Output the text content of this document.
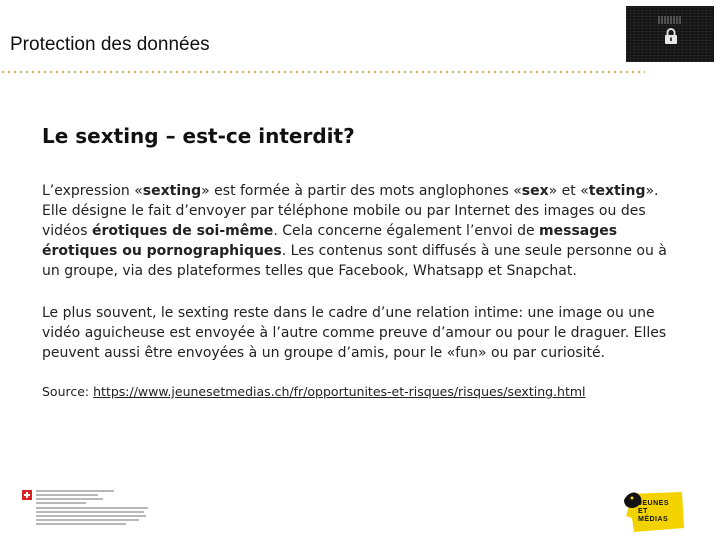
Protection des données
Le sexting – est-ce interdit?
L’expression «sexting» est formée à partir des mots anglophones «sex» et «texting». Elle désigne le fait d’envoyer par téléphone mobile ou par Internet des images ou des vidéos érotiques de soi-même. Cela concerne également l’envoi de messages érotiques ou pornographiques. Les contenus sont diffusés à une seule personne ou à un groupe, via des plateformes telles que Facebook, Whatsapp et Snapchat.
Le plus souvent, le sexting reste dans le cadre d’une relation intime: une image ou une vidéo aguicheuse est envoyée à l’autre comme preuve d’amour ou pour le draguer. Elles peuvent aussi être envoyées à un groupe d’amis, pour le «fun» ou par curiosité.
Source: https://www.jeunesetmedias.ch/fr/opportunites-et-risques/risques/sexting.html
JEUNES
ET
MÉDIAS
